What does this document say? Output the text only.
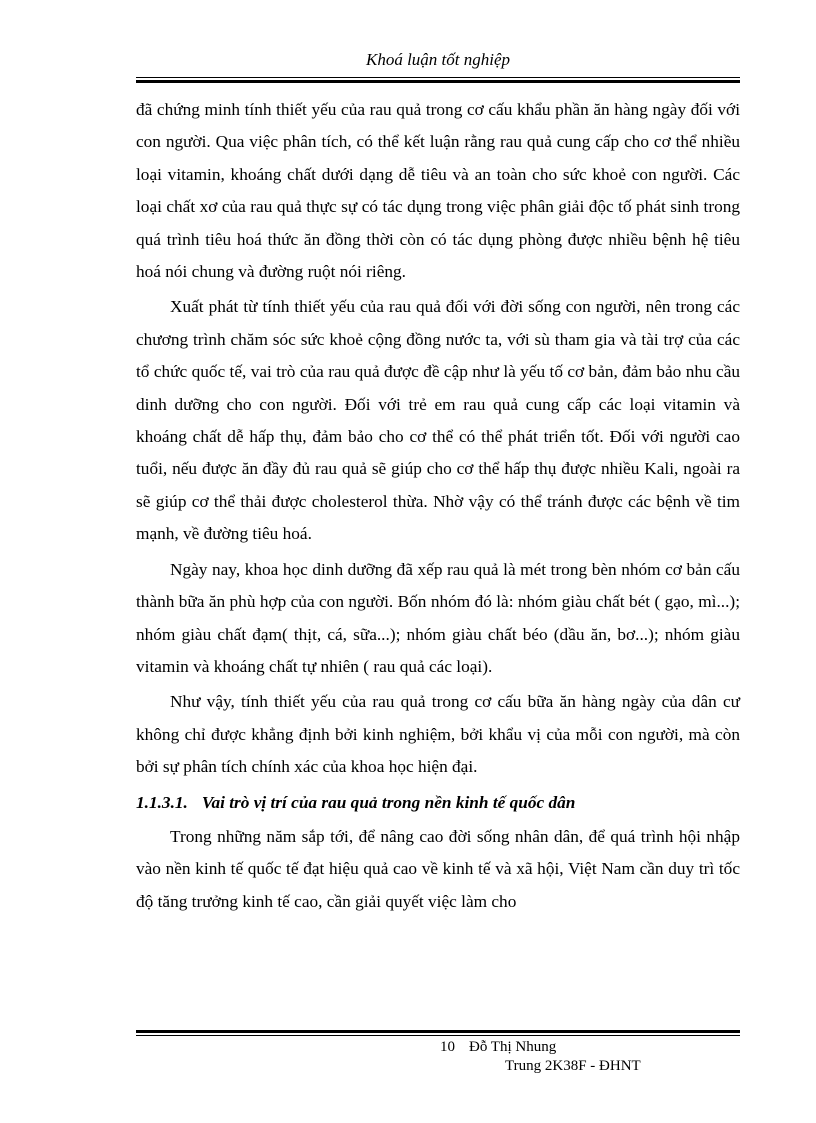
Khoá luận tốt nghiệp

đã chứng minh tính thiết yếu của rau quả trong cơ cấu khẩu phần ăn hàng ngày đối với con người. Qua việc phân tích, có thể kết luận rằng rau quả cung cấp cho cơ thể nhiều loại vitamin, khoáng chất dưới dạng dễ tiêu và an toàn cho sức khoẻ con người. Các loại chất xơ của rau quả thực sự có tác dụng trong việc phân giải độc tố phát sinh trong quá trình tiêu hoá thức ăn đồng thời còn có tác dụng phòng được nhiều bệnh hệ tiêu hoá nói chung và đường ruột nói riêng.

Xuất phát từ tính thiết yếu của rau quả đối với đời sống con người, nên trong các chương trình chăm sóc sức khoẻ cộng đồng nước ta, với sù tham gia và tài trợ của các tổ chức quốc tế, vai trò của rau quả được đề cập như là yếu tố cơ bản, đảm bảo nhu cầu dinh dưỡng cho con người. Đối với trẻ em rau quả cung cấp các loại vitamin và khoáng chất dễ hấp thụ, đảm bảo cho cơ thể có thể phát triển tốt. Đối với người cao tuổi, nếu được ăn đầy đủ rau quả sẽ giúp cho cơ thể hấp thụ được nhiều Kali, ngoài ra sẽ giúp cơ thể thải được cholesterol thừa. Nhờ vậy có thể tránh được các bệnh về tim mạnh, về đường tiêu hoá.

Ngày nay, khoa học dinh dưỡng đã xếp rau quả là mét trong bèn nhóm cơ bản cấu thành bữa ăn phù hợp của con người. Bốn nhóm đó là: nhóm giàu chất bét ( gạo, mì...); nhóm giàu chất đạm( thịt, cá, sữa...); nhóm giàu chất béo (dầu ăn, bơ...); nhóm giàu vitamin và khoáng chất tự nhiên ( rau quả các loại).

Như vậy, tính thiết yếu của rau quả trong cơ cấu bữa ăn hàng ngày của dân cư không chỉ được khẳng định bởi kinh nghiệm, bởi khẩu vị của mỗi con người, mà còn bởi sự phân tích chính xác của khoa học hiện đại.

1.1.3.1. Vai trò vị trí của rau quả trong nền kinh tế quốc dân

Trong những năm sắp tới, để nâng cao đời sống nhân dân, để quá trình hội nhập vào nền kinh tế quốc tế đạt hiệu quả cao về kinh tế và xã hội, Việt Nam cần duy trì tốc độ tăng trưởng kinh tế cao, cần giải quyết việc làm cho

10 Đỗ Thị Nhung
Trung 2K38F - ĐHNT
